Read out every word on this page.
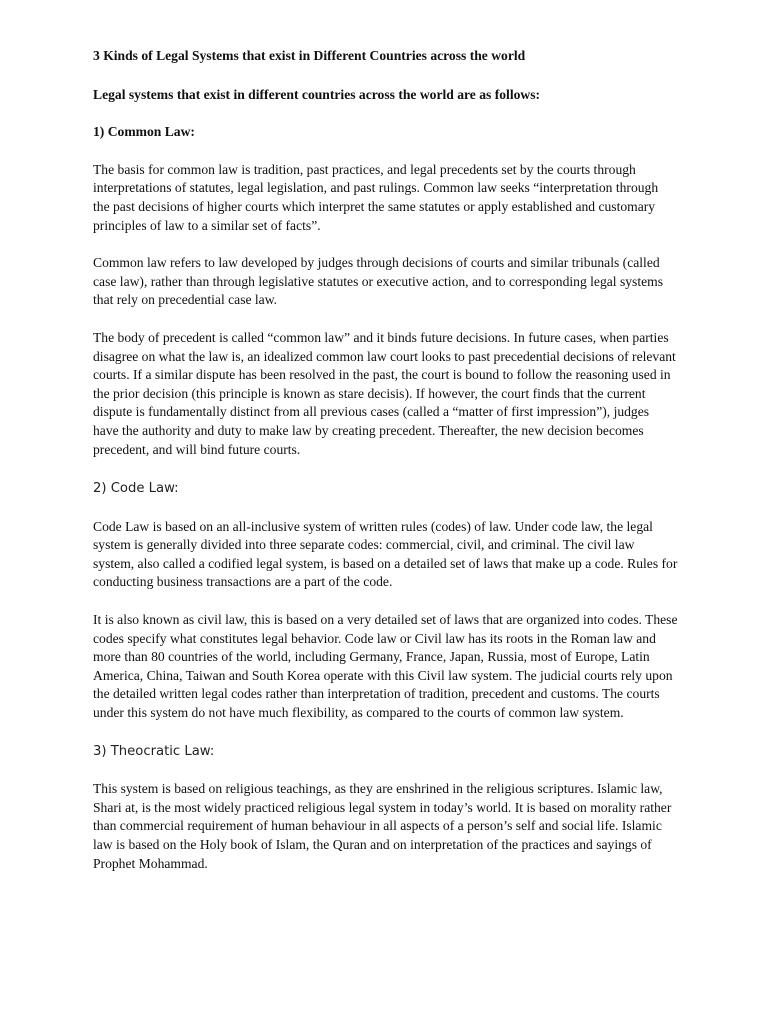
3 Kinds of Legal Systems that exist in Different Countries across the world

Legal systems that exist in different countries across the world are as follows:

1) Common Law:

The basis for common law is tradition, past practices, and legal precedents set by the courts through interpretations of statutes, legal legislation, and past rulings. Common law seeks “interpretation through the past decisions of higher courts which interpret the same statutes or apply established and customary principles of law to a similar set of facts”.

Common law refers to law developed by judges through decisions of courts and similar tribunals (called case law), rather than through legislative statutes or executive action, and to corresponding legal systems that rely on precedential case law.

The body of precedent is called “common law” and it binds future decisions. In future cases, when parties disagree on what the law is, an idealized common law court looks to past precedential decisions of relevant courts. If a similar dispute has been resolved in the past, the court is bound to follow the reasoning used in the prior decision (this principle is known as stare decisis). If however, the court finds that the current dispute is fundamentally distinct from all previous cases (called a “matter of first impression”), judges have the authority and duty to make law by creating precedent. Thereafter, the new decision becomes precedent, and will bind future courts.

2) Code Law:

Code Law is based on an all-inclusive system of written rules (codes) of law. Under code law, the legal system is generally divided into three separate codes: commercial, civil, and criminal. The civil law system, also called a codified legal system, is based on a detailed set of laws that make up a code. Rules for conducting business transactions are a part of the code.

It is also known as civil law, this is based on a very detailed set of laws that are organized into codes. These codes specify what constitutes legal behavior. Code law or Civil law has its roots in the Roman law and more than 80 countries of the world, including Germany, France, Japan, Russia, most of Europe, Latin America, China, Taiwan and South Korea operate with this Civil law system. The judicial courts rely upon the detailed written legal codes rather than interpretation of tradition, precedent and customs. The courts under this system do not have much flexibility, as compared to the courts of common law system.

3) Theocratic Law:

This system is based on religious teachings, as they are enshrined in the religious scriptures. Islamic law, Shari at, is the most widely practiced religious legal system in today’s world. It is based on morality rather than commercial requirement of human behaviour in all aspects of a person’s self and social life. Islamic law is based on the Holy book of Islam, the Quran and on interpretation of the practices and sayings of Prophet Mohammad.
